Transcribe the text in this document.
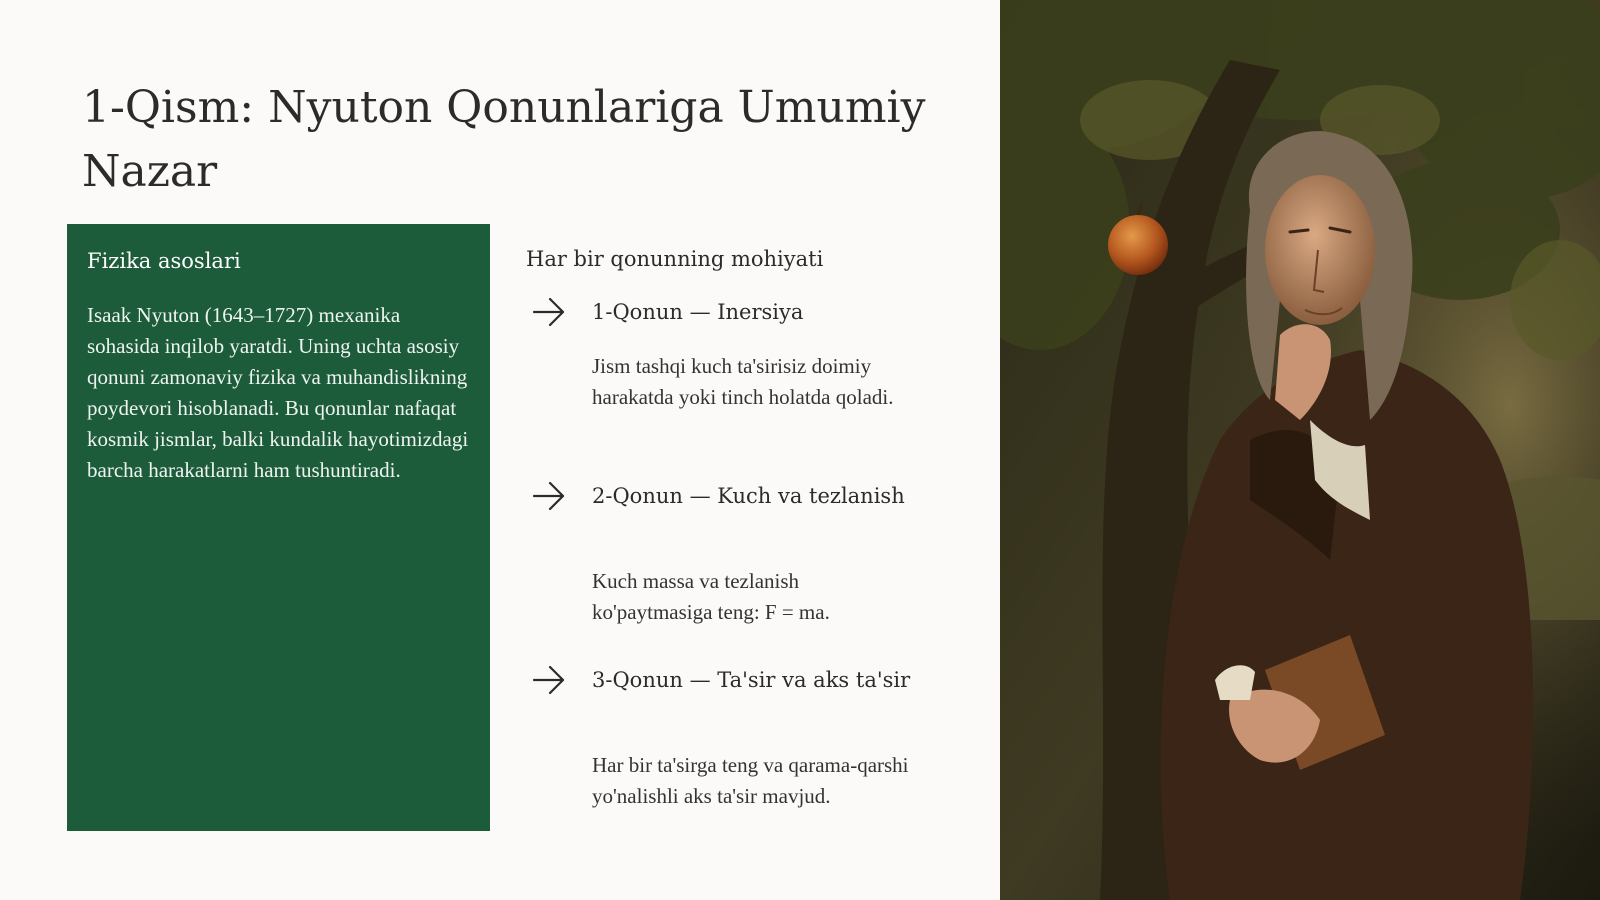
1-Qism: Nyuton Qonunlariga Umumiy Nazar
Fizika asoslari

Isaak Nyuton (1643–1727) mexanika sohasida inqilob yaratdi. Uning uchta asosiy qonuni zamonaviy fizika va muhandislikning poydevori hisoblanadi. Bu qonunlar nafaqat kosmik jismlar, balki kundalik hayotimizdagi barcha harakatlarni ham tushuntiradi.

Har bir qonunning mohiyati
1-Qonun — Inersiya

Jism tashqi kuch ta'sirisiz doimiy harakatda yoki tinch holatda qoladi.

2-Qonun — Kuch va tezlanish

Kuch massa va tezlanish ko'paytmasiga teng: F = ma.

3-Qonun — Ta'sir va aks ta'sir

Har bir ta'sirga teng va qarama-qarshi yo'nalishli aks ta'sir mavjud.
